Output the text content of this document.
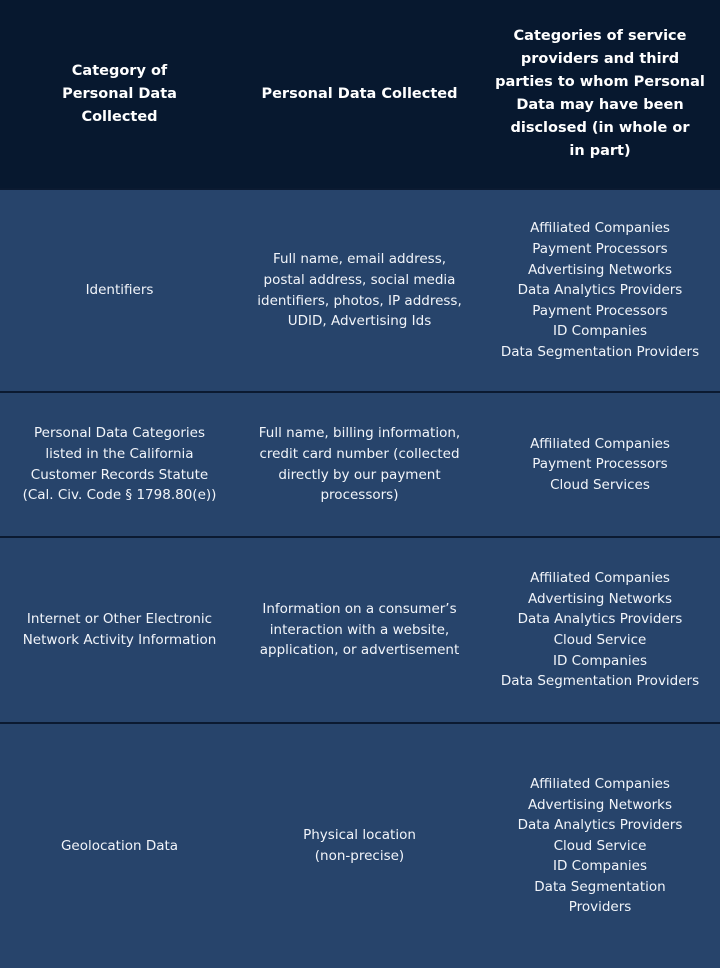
Category of
Personal Data
Collected
Personal Data Collected
Categories of service
providers and third
parties to whom Personal
Data may have been
disclosed (in whole or
in part)
Identifiers
Full name, email address,
postal address, social media
identifiers, photos, IP address,
UDID, Advertising Ids
Affiliated Companies
Payment Processors
Advertising Networks
Data Analytics Providers
Payment Processors
ID Companies
Data Segmentation Providers
Personal Data Categories
listed in the California
Customer Records Statute
(Cal. Civ. Code § 1798.80(e))
Full name, billing information,
credit card number (collected
directly by our payment
processors)
Affiliated Companies
Payment Processors
Cloud Services
Internet or Other Electronic
Network Activity Information
Information on a consumer’s
interaction with a website,
application, or advertisement
Affiliated Companies
Advertising Networks
Data Analytics Providers
Cloud Service
ID Companies
Data Segmentation Providers
Geolocation Data
Physical location
(non-precise)
Affiliated Companies
Advertising Networks
Data Analytics Providers
Cloud Service
ID Companies
Data Segmentation
Providers
